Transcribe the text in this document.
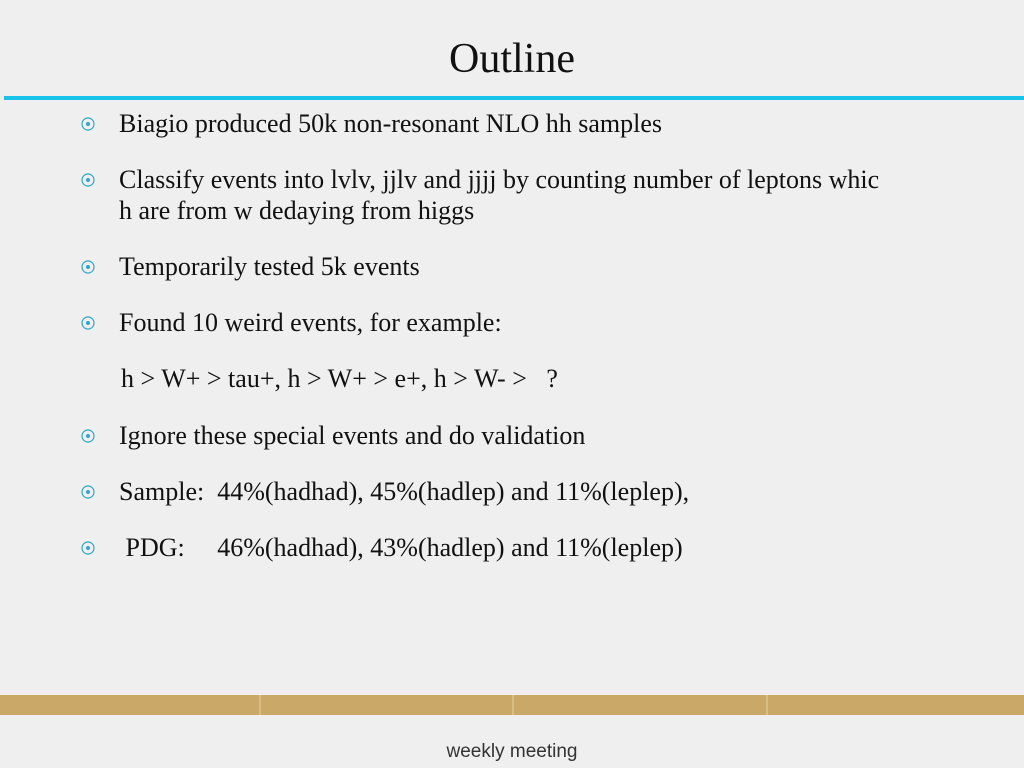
Outline
Biagio produced 50k non-resonant NLO hh samples
Classify events into lvlv, jjlv and jjjj by counting number of leptons whic
h are from w dedaying from higgs
Temporarily tested 5k events
Found 10 weird events, for example:
h > W+ > tau+, h > W+ > e+, h > W- >   ?
Ignore these special events and do validation
Sample:  44%(hadhad), 45%(hadlep) and 11%(leplep),
PDG:     46%(hadhad), 43%(hadlep) and 11%(leplep)
weekly meeting
